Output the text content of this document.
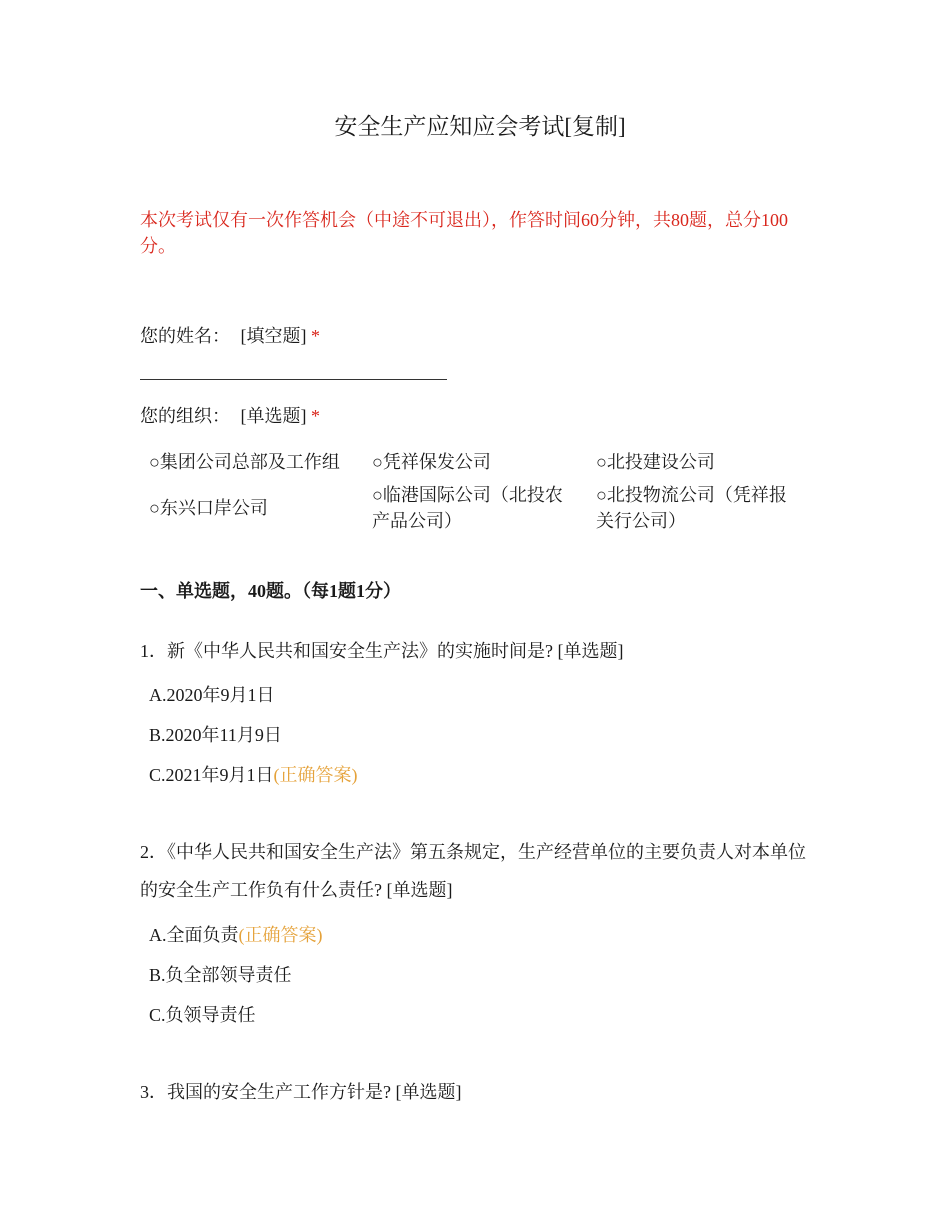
安全生产应知应会考试[复制]
本次考试仅有一次作答机会（中途不可退出），作答时间60分钟，共80题，总分100分。
您的姓名： [填空题] *
您的组织： [单选题] *
○集团公司总部及工作组	○凭祥保发公司	○北投建设公司
○东兴口岸公司
○临港国际公司（北投农产品公司）
○北投物流公司（凭祥报关行公司）
一、单选题，40题。（每1题1分）
1．新《中华人民共和国安全生产法》的实施时间是? [单选题]
A.2020年9月1日
B.2020年11月9日
C.2021年9月1日(正确答案)
2．《中华人民共和国安全生产法》第五条规定，生产经营单位的主要负责人对本单位的安全生产工作负有什么责任? [单选题]
A.全面负责(正确答案)
B.负全部领导责任
C.负领导责任
3．我国的安全生产工作方针是? [单选题]
